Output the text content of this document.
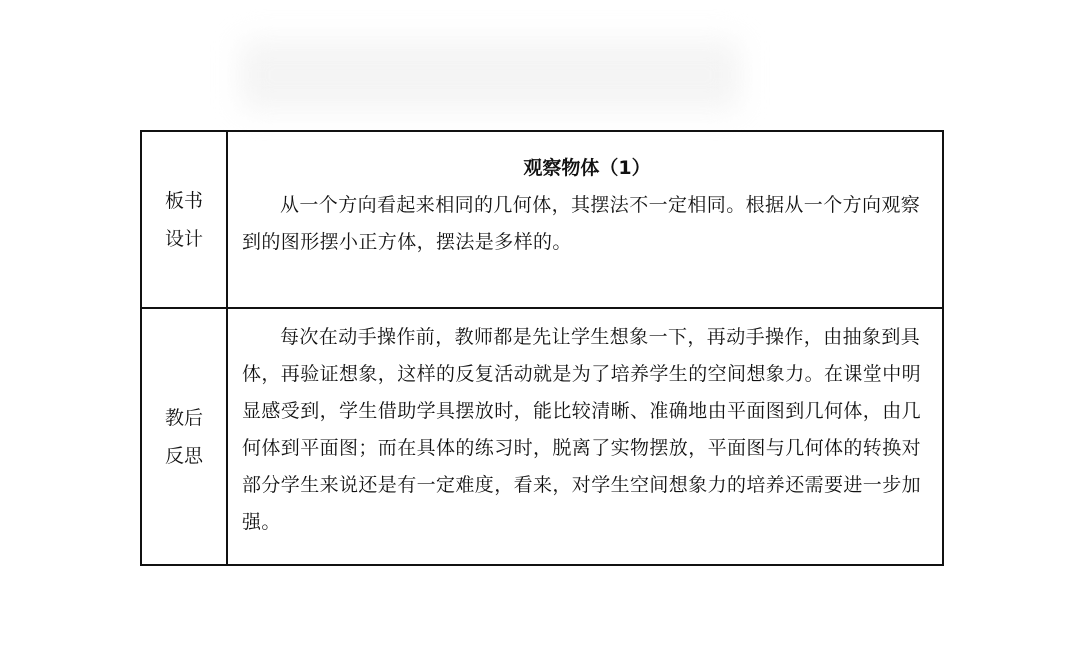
板书
设计	观察物体（1）

从一个方向看起来相同的几何体，其摆法不一定相同。根据从一个方向观察到的图形摆小正方体，摆法是多样的。

教后
反思	每次在动手操作前，教师都是先让学生想象一下，再动手操作，由抽象到具体，再验证想象，这样的反复活动就是为了培养学生的空间想象力。在课堂中明显感受到，学生借助学具摆放时，能比较清晰、准确地由平面图到几何体，由几何体到平面图；而在具体的练习时，脱离了实物摆放，平面图与几何体的转换对部分学生来说还是有一定难度，看来，对学生空间想象力的培养还需要进一步加强。
